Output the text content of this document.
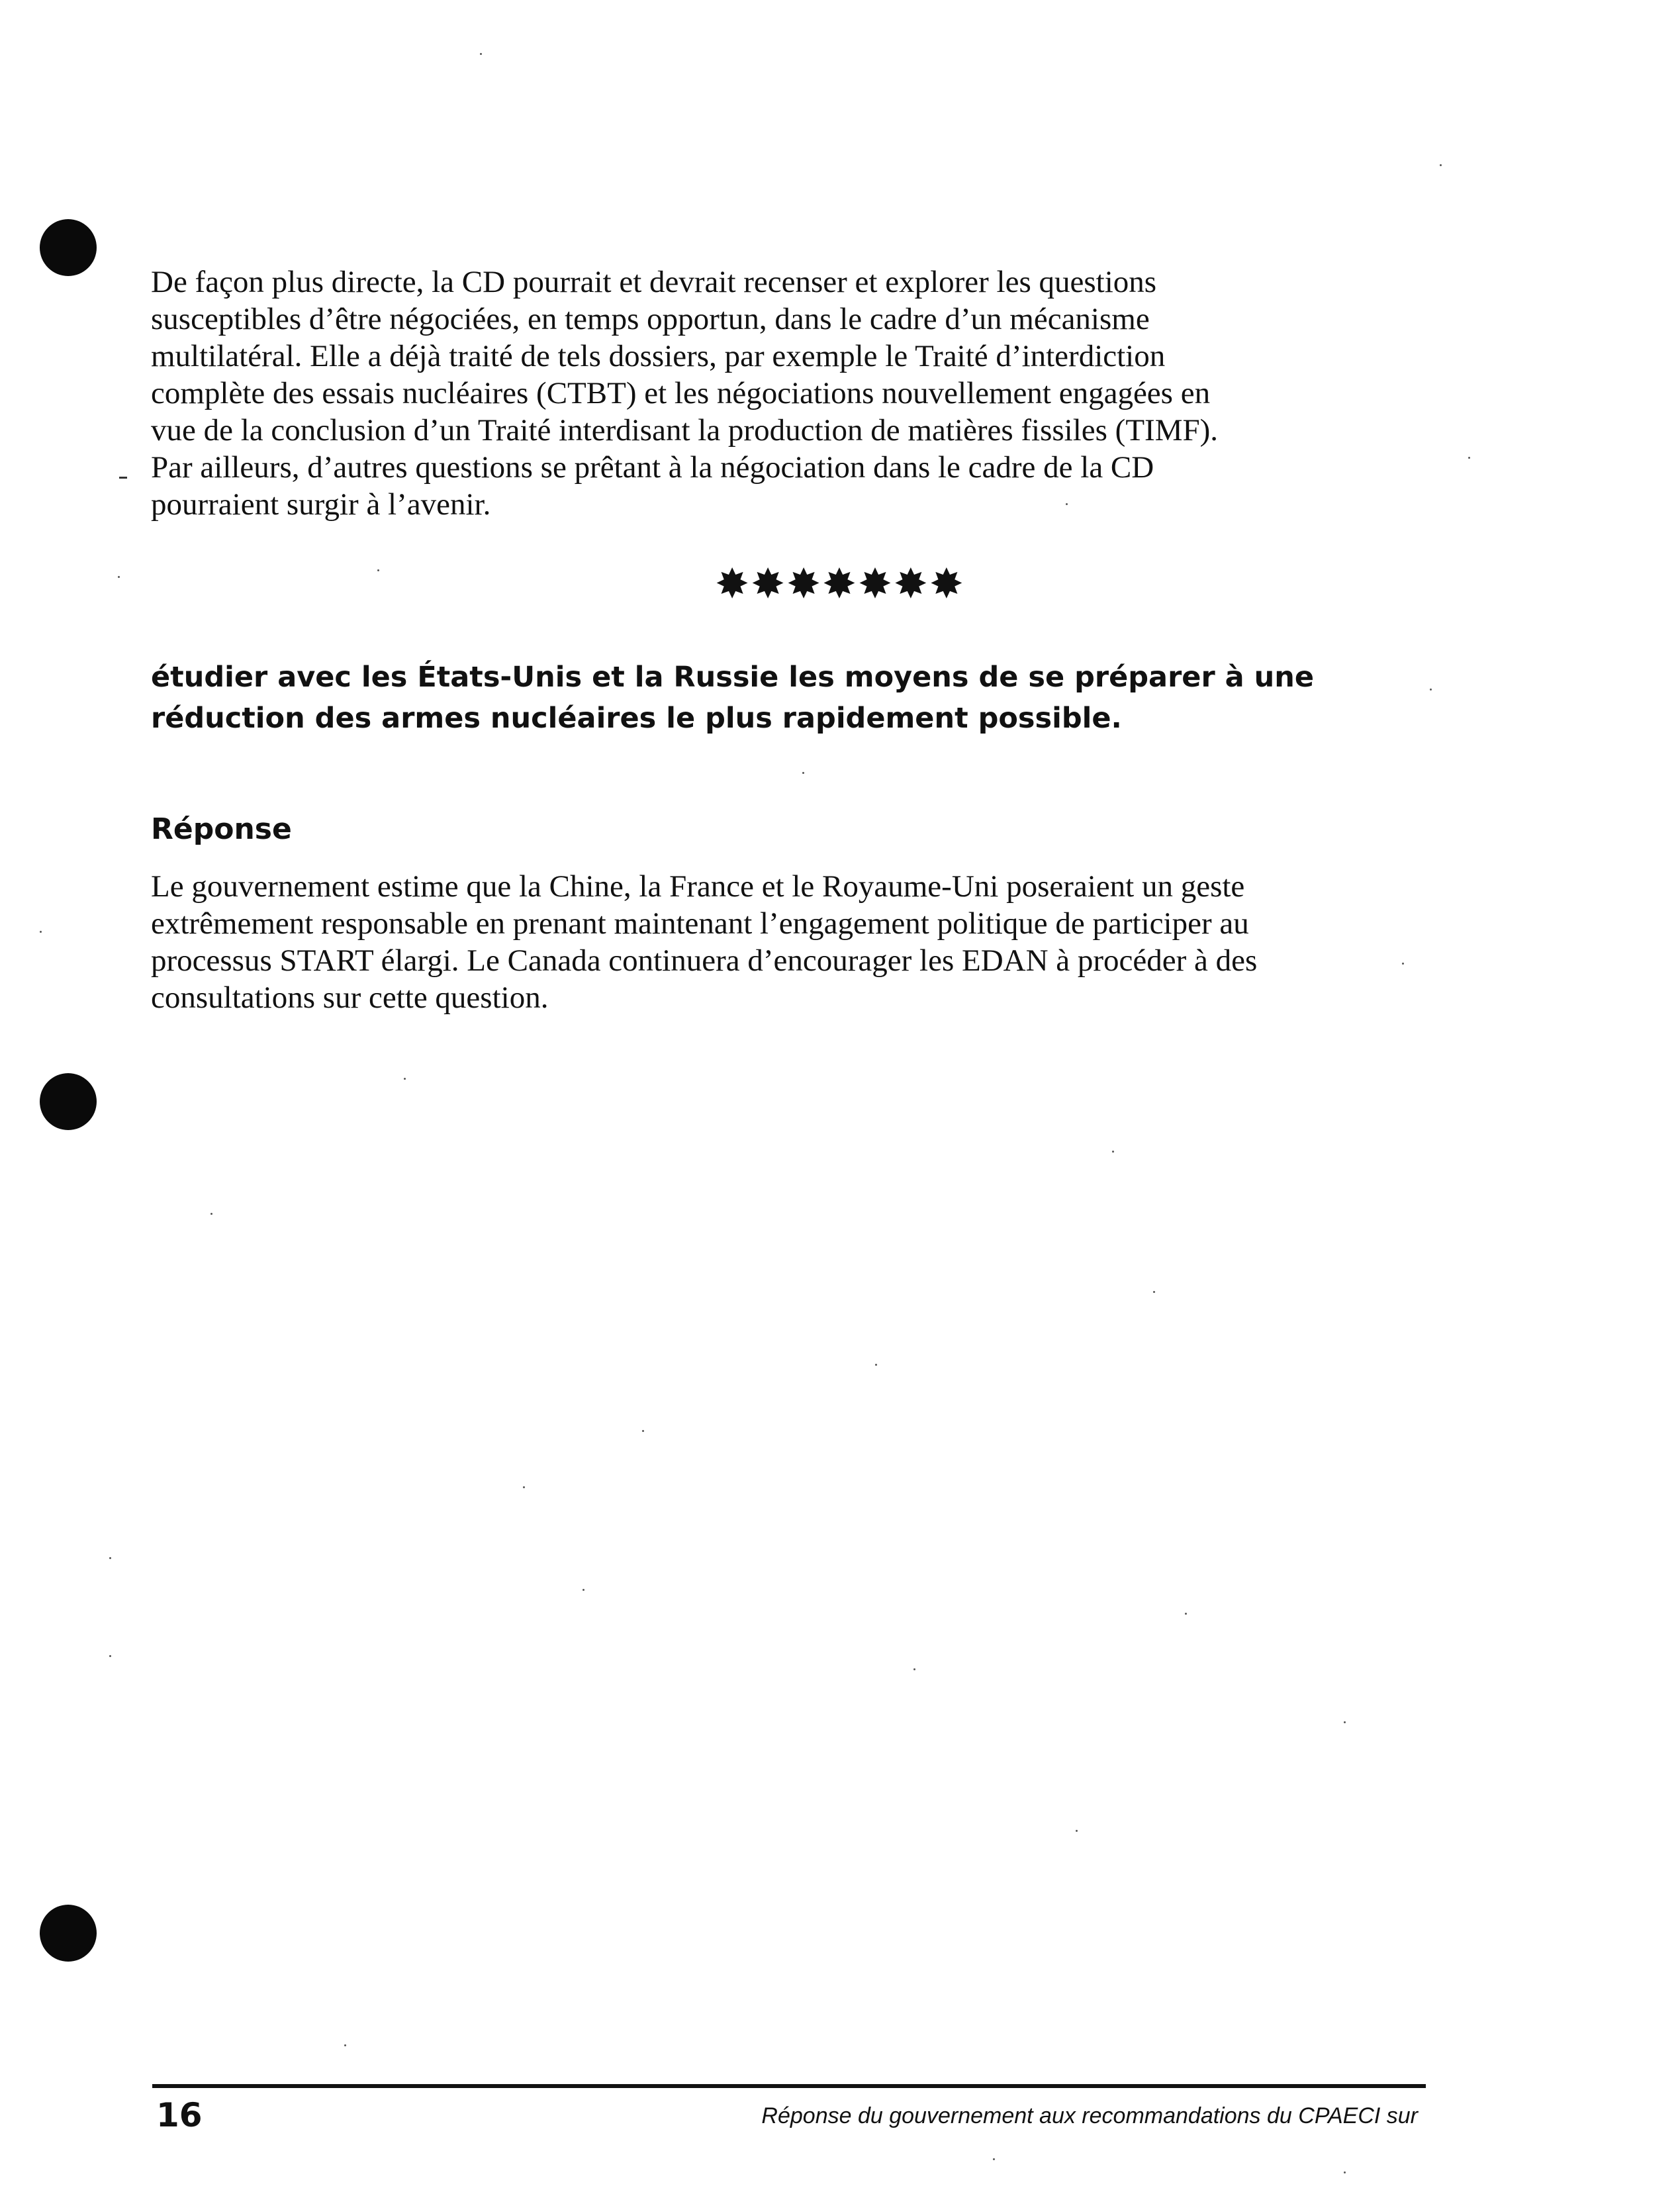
De façon plus directe, la CD pourrait et devrait recenser et explorer les questions
susceptibles d’être négociées, en temps opportun, dans le cadre d’un mécanisme
multilatéral. Elle a déjà traité de tels dossiers, par exemple le Traité d’interdiction
complète des essais nucléaires (CTBT) et les négociations nouvellement engagées en
vue de la conclusion d’un Traité interdisant la production de matières fissiles (TIMF).
Par ailleurs, d’autres questions se prêtant à la négociation dans le cadre de la CD
pourraient surgir à l’avenir.
✸✸✸✸✸✸✸
étudier avec les États-Unis et la Russie les moyens de se préparer à une
réduction des armes nucléaires le plus rapidement possible.
Réponse
Le gouvernement estime que la Chine, la France et le Royaume-Uni poseraient un geste
extrêmement responsable en prenant maintenant l’engagement politique de participer au
processus START élargi. Le Canada continuera d’encourager les EDAN à procéder à des
consultations sur cette question.
16	Réponse du gouvernement aux recommandations du CPAECI sur
